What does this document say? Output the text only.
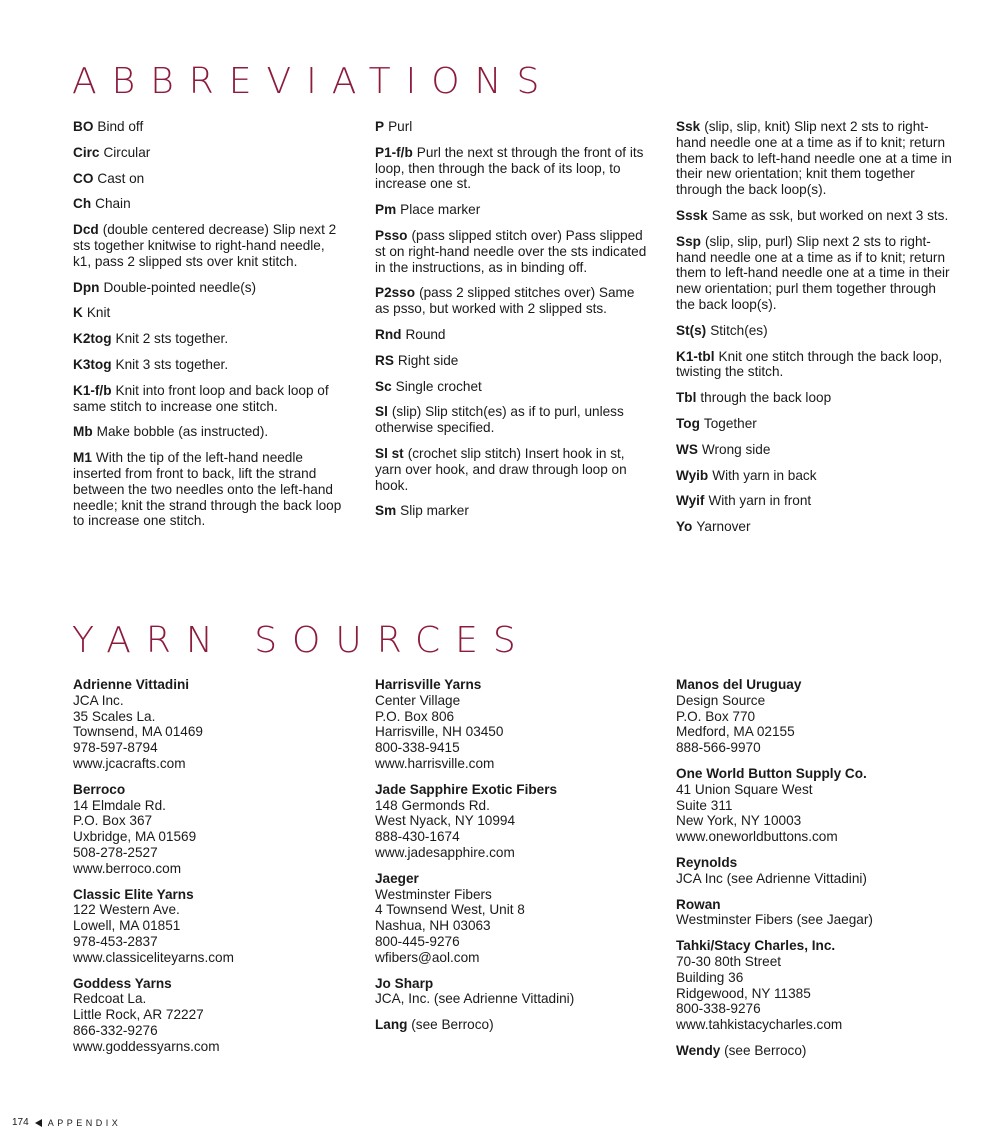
ABBREVIATIONS

BO Bind off

Circ Circular

CO Cast on

Ch Chain

Dcd (double centered decrease) Slip next 2 sts together knitwise to right-hand needle, k1, pass 2 slipped sts over knit stitch.

Dpn Double-pointed needle(s)

K Knit

K2tog Knit 2 sts together.

K3tog Knit 3 sts together.

K1-f/b Knit into front loop and back loop of same stitch to increase one stitch.

Mb Make bobble (as instructed).

M1 With the tip of the left-hand needle inserted from front to back, lift the strand between the two needles onto the left-hand needle; knit the strand through the back loop to increase one stitch.

P Purl

P1-f/b Purl the next st through the front of its loop, then through the back of its loop, to increase one st.

Pm Place marker

Psso (pass slipped stitch over) Pass slipped st on right-hand needle over the sts indicated in the instructions, as in binding off.

P2sso (pass 2 slipped stitches over) Same as psso, but worked with 2 slipped sts.

Rnd Round

RS Right side

Sc Single crochet

Sl (slip) Slip stitch(es) as if to purl, unless otherwise specified.

Sl st (crochet slip stitch) Insert hook in st, yarn over hook, and draw through loop on hook.

Sm Slip marker

Ssk (slip, slip, knit) Slip next 2 sts to right-hand needle one at a time as if to knit; return them back to left-hand needle one at a time in their new orientation; knit them together through the back loop(s).

Sssk Same as ssk, but worked on next 3 sts.

Ssp (slip, slip, purl) Slip next 2 sts to right-hand needle one at a time as if to knit; return them to left-hand needle one at a time in their new orientation; purl them together through the back loop(s).

St(s) Stitch(es)

K1-tbl Knit one stitch through the back loop, twisting the stitch.

Tbl through the back loop

Tog Together

WS Wrong side

Wyib With yarn in back

Wyif With yarn in front

Yo Yarnover

YARN SOURCES
Adrienne Vittadini
JCA Inc.
35 Scales La.
Townsend, MA 01469
978-597-8794
www.jcacrafts.com
Berroco
14 Elmdale Rd.
P.O. Box 367
Uxbridge, MA 01569
508-278-2527
www.berroco.com
Classic Elite Yarns
122 Western Ave.
Lowell, MA 01851
978-453-2837
www.classiceliteyarns.com
Goddess Yarns
Redcoat La.
Little Rock, AR 72227
866-332-9276
www.goddessyarns.com
Harrisville Yarns
Center Village
P.O. Box 806
Harrisville, NH 03450
800-338-9415
www.harrisville.com
Jade Sapphire Exotic Fibers
148 Germonds Rd.
West Nyack, NY 10994
888-430-1674
www.jadesapphire.com
Jaeger
Westminster Fibers
4 Townsend West, Unit 8
Nashua, NH 03063
800-445-9276
wfibers@aol.com
Jo Sharp
JCA, Inc. (see Adrienne Vittadini)
Lang (see Berroco)
Manos del Uruguay
Design Source
P.O. Box 770
Medford, MA 02155
888-566-9970
One World Button Supply Co.
41 Union Square West
Suite 311
New York, NY 10003
www.oneworldbuttons.com
Reynolds
JCA Inc (see Adrienne Vittadini)
Rowan
Westminster Fibers (see Jaegar)
Tahki/Stacy Charles, Inc.
70-30 80th Street
Building 36
Ridgewood, NY 11385
800-338-9276
www.tahkistacycharles.com
Wendy (see Berroco)
174 APPENDIX
